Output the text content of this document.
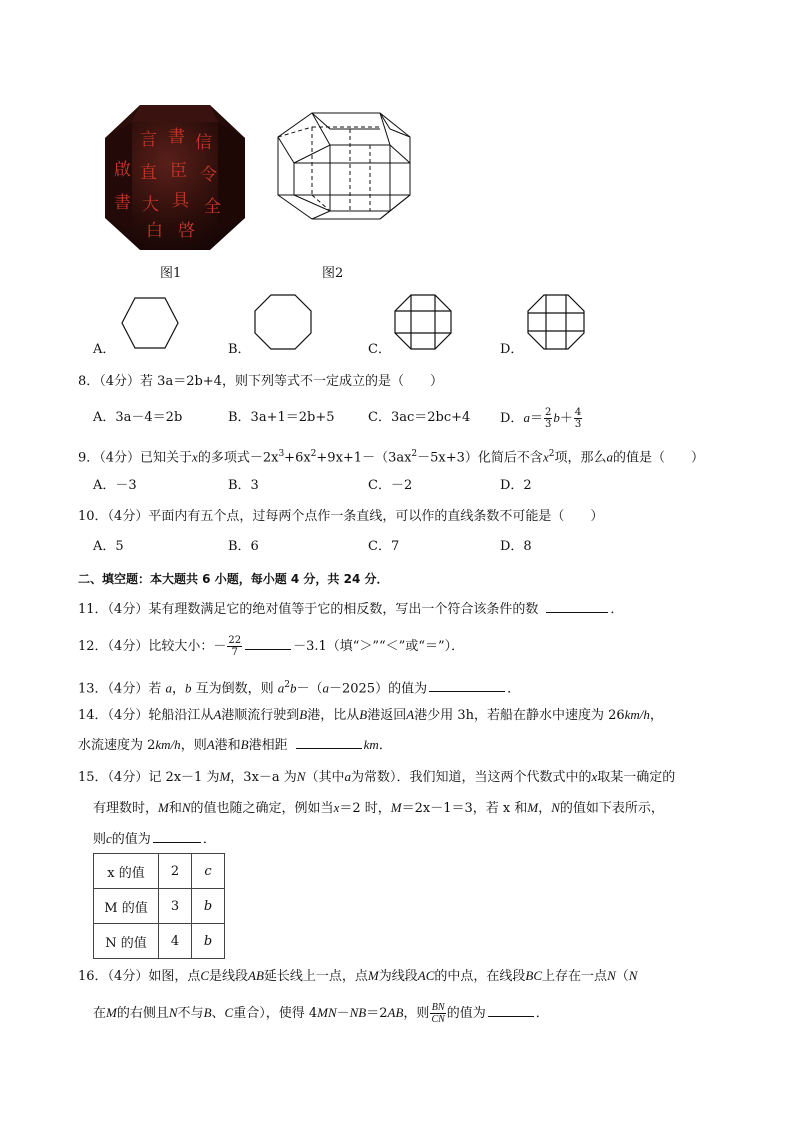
言 書 信
啟 直 臣 令
書 大 具 全
白 啓
图1	图2
A．	B．	C．	D．
8．（4分）若 3a＝2b+4，则下列等式不一定成立的是（　　）
A．3a－4＝2b	B．3a+1＝2b+5	C．3ac＝2bc+4 D．$a= \frac{2}{3} b+ \frac{4}{3}$
9．（4分）已知关于x的多项式$-2x^3+6x^2+9x+1-(3ax^2-5x+3)$化简后不含$x^2$项，那么a的值是（　　）
A．－3	B．3	C．－2	D．2
10．（4分）平面内有五个点，过每两个点作一条直线，可以作的直线条数不可能是（　　）
A．5	B．6	C．7	D．8
二、填空题：本大题共 6 小题，每小题 4 分，共 24 分．
11．（4分）某有理数满足它的绝对值等于它的相反数，写出一个符合该条件的数	．
12．（4分）比较大小：－ $\frac{22}{7}$	－3.1（填“＞”“＜”或“＝”）．
13．（4分）若 a，b 互为倒数，则 $a^2b-(a-2025)$的值为	．
14．（4分）轮船沿江从A港顺流行驶到B港，比从B港返回A港少用 3h，若船在静水中速度为 26km/h，
水流速度为 2km/h，则A港和B港相距	km．
15．（4分）记 2x－1 为M，3x－a 为N（其中a为常数）．我们知道，当这两个代数式中的x取某一确定的
有理数时，M和N的值也随之确定，例如当x＝2 时，M＝2x－1＝3，若 x 和M，N的值如下表所示，
则c的值为	．
x 的值	2	c
M 的值	3	b
N 的值	4	b
16．（4分）如图，点C是线段AB延长线上一点，点M为线段AC的中点，在线段BC上存在一点N（N
在M的右侧且N不与B、C重合），使得 4MN－NB＝2AB，则 $\frac{BN}{CN}$ 的值为	．
